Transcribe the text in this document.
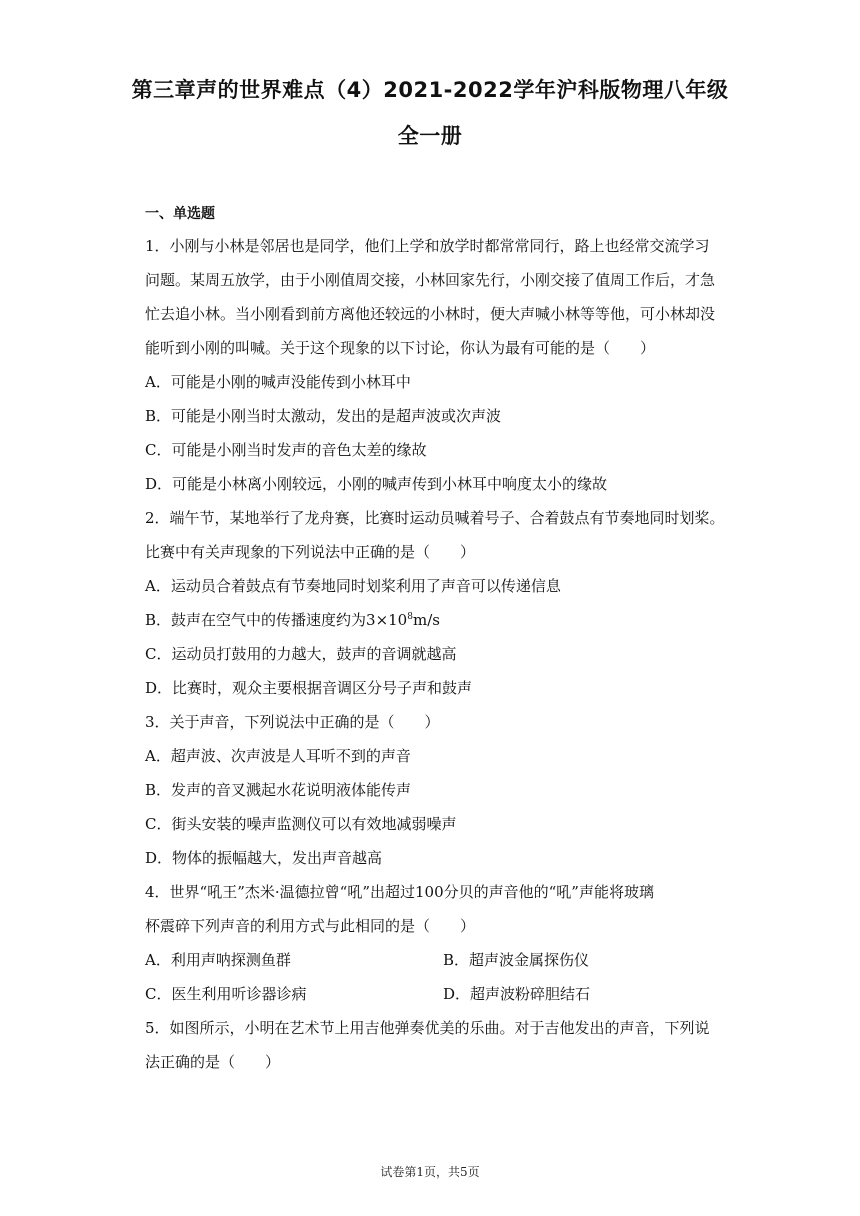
第三章声的世界难点（4）2021-2022学年沪科版物理八年级
全一册
一、单选题
1．小刚与小林是邻居也是同学，他们上学和放学时都常常同行，路上也经常交流学习
问题。某周五放学，由于小刚值周交接，小林回家先行，小刚交接了值周工作后，才急
忙去追小林。当小刚看到前方离他还较远的小林时，便大声喊小林等等他，可小林却没
能听到小刚的叫喊。关于这个现象的以下讨论，你认为最有可能的是（　　）
A．可能是小刚的喊声没能传到小林耳中
B．可能是小刚当时太激动，发出的是超声波或次声波
C．可能是小刚当时发声的音色太差的缘故
D．可能是小林离小刚较远，小刚的喊声传到小林耳中响度太小的缘故
2．端午节，某地举行了龙舟赛，比赛时运动员喊着号子、合着鼓点有节奏地同时划桨。
比赛中有关声现象的下列说法中正确的是（　　）
A．运动员合着鼓点有节奏地同时划桨利用了声音可以传递信息
B．鼓声在空气中的传播速度约为$3\times 10^8m/s$
C．运动员打鼓用的力越大，鼓声的音调就越高
D．比赛时，观众主要根据音调区分号子声和鼓声
3．关于声音，下列说法中正确的是（　　）
A．超声波、次声波是人耳听不到的声音
B．发声的音叉溅起水花说明液体能传声
C．街头安装的噪声监测仪可以有效地减弱噪声
D．物体的振幅越大，发出声音越高
4．世界“吼王”杰米·温德拉曾“吼”出超过100分贝的声音他的“吼”声能将玻璃
杯震碎下列声音的利用方式与此相同的是（　　）
A．利用声呐探测鱼群	B．超声波金属探伤仪
C．医生利用听诊器诊病	D．超声波粉碎胆结石
5．如图所示，小明在艺术节上用吉他弹奏优美的乐曲。对于吉他发出的声音，下列说
法正确的是（　　）
试卷第1页，共5页
